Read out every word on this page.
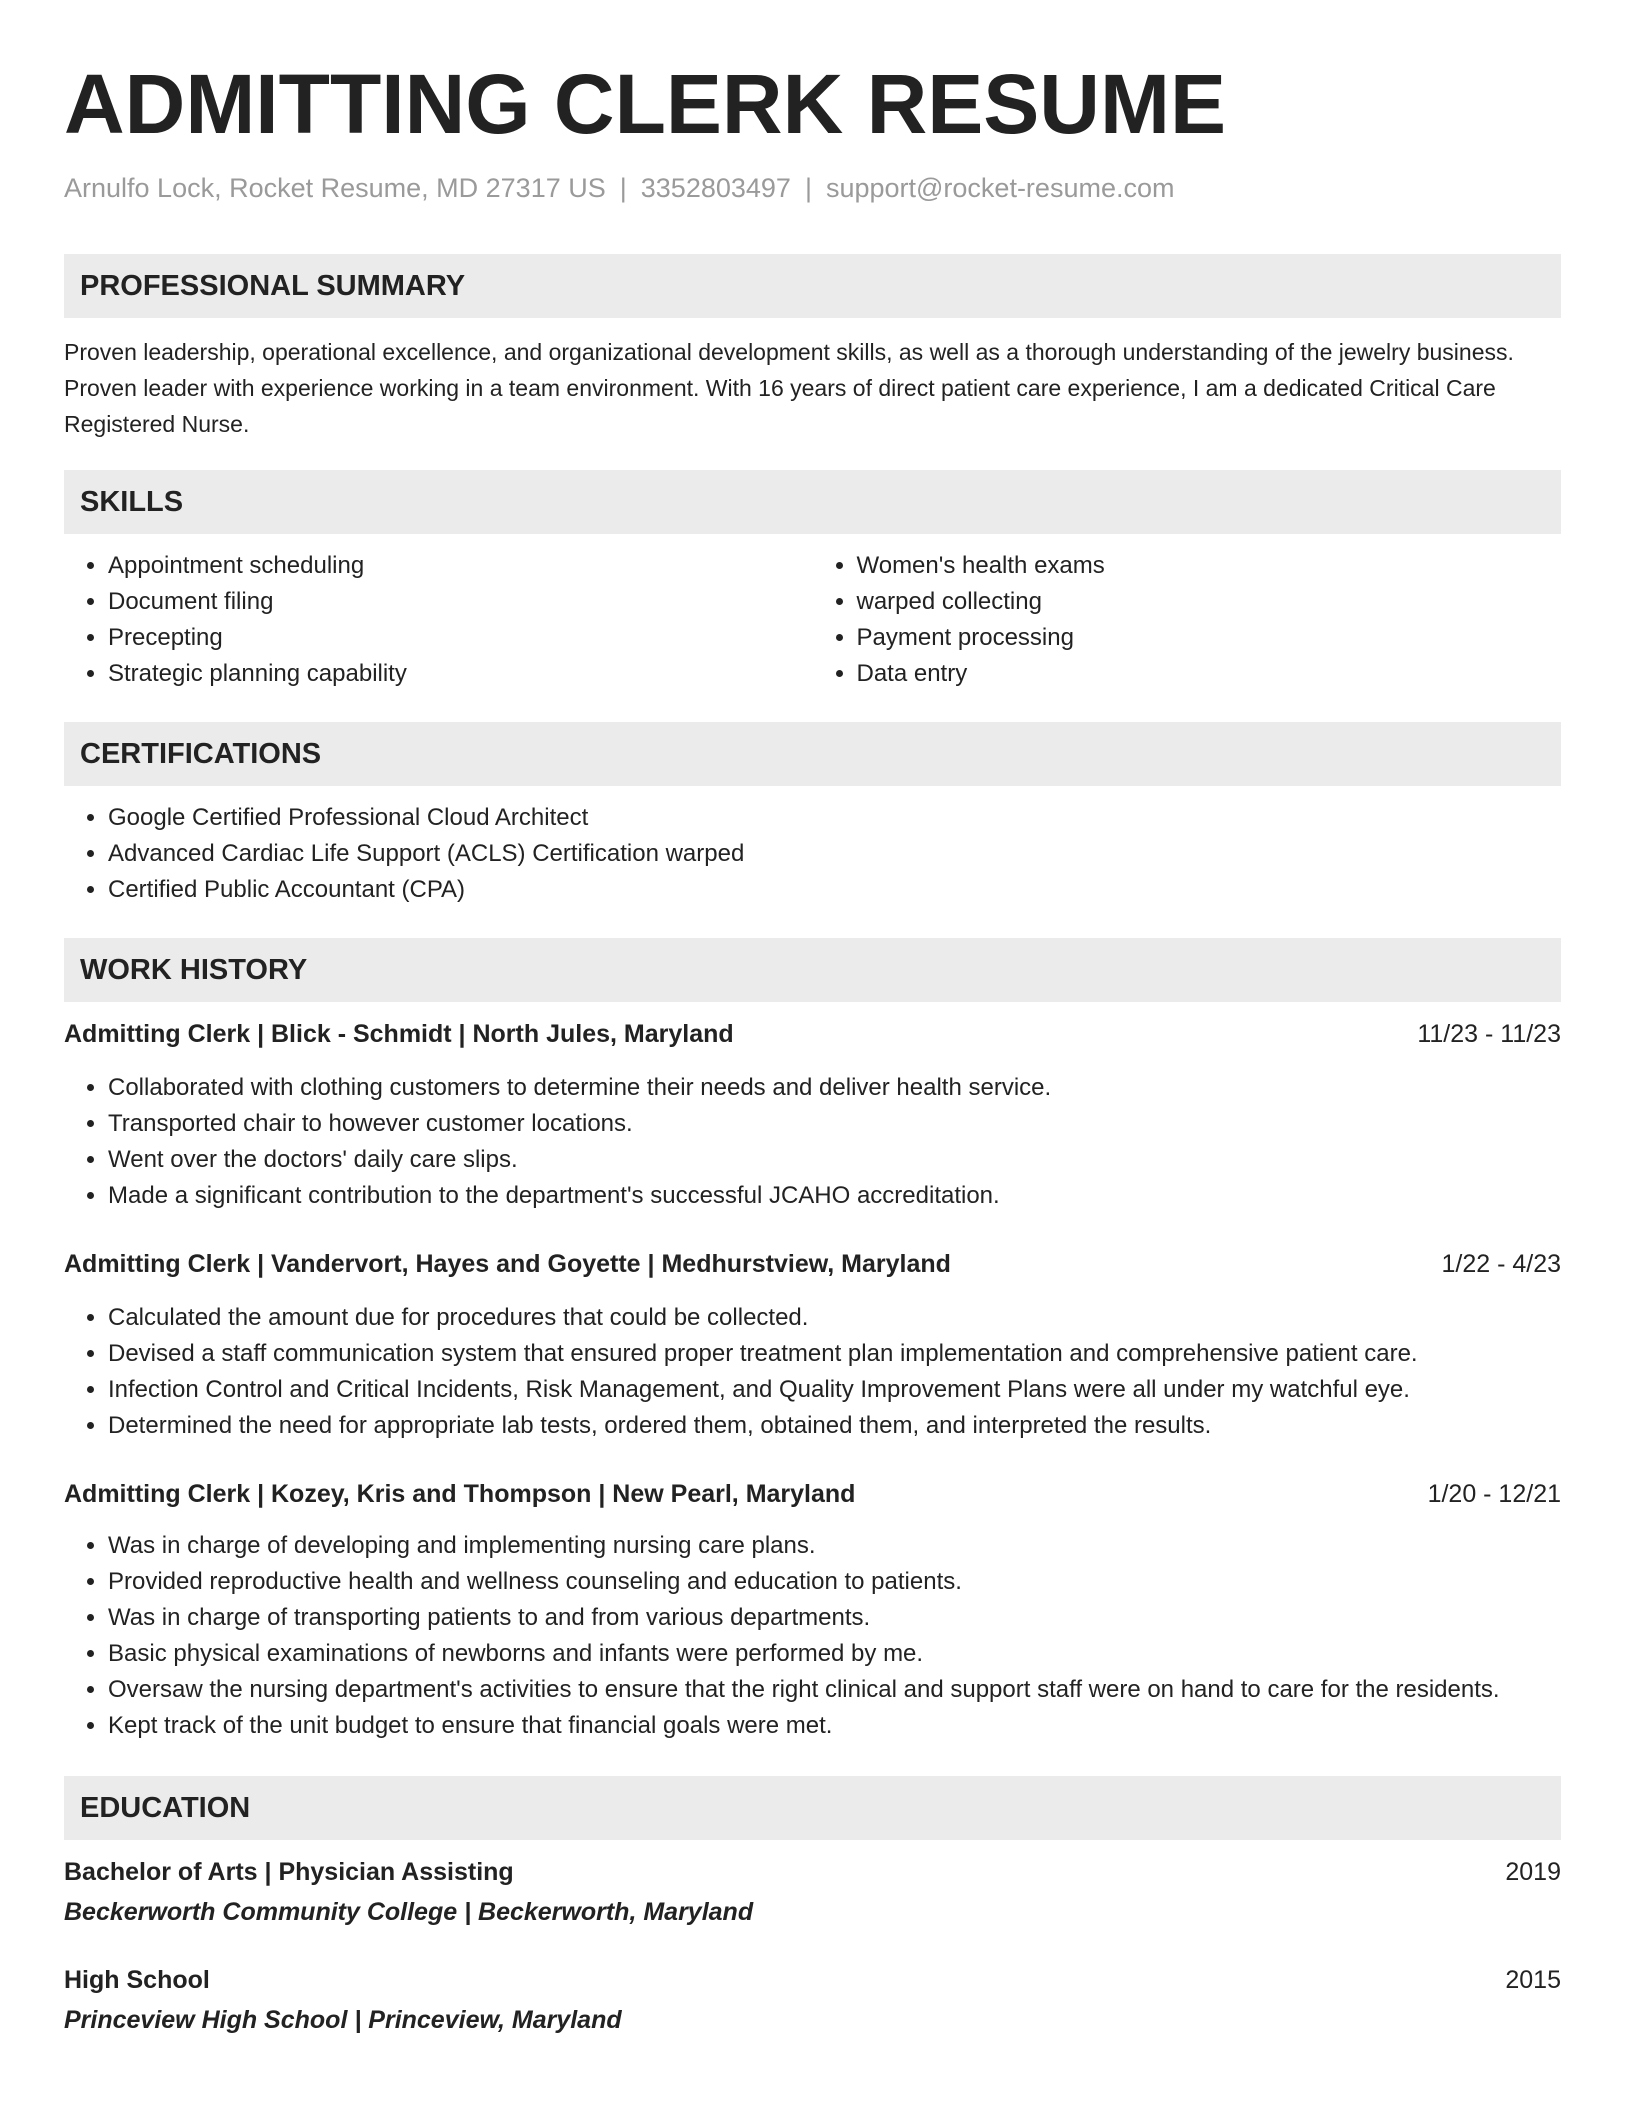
ADMITTING CLERK RESUME
Arnulfo Lock, Rocket Resume, MD 27317 US | 3352803497 | support@rocket-resume.com
PROFESSIONAL SUMMARY
Proven leadership, operational excellence, and organizational development skills, as well as a thorough understanding of the jewelry business. Proven leader with experience working in a team environment. With 16 years of direct patient care experience, I am a dedicated Critical Care Registered Nurse.
SKILLS
• Appointment scheduling
• Document filing
• Precepting
• Strategic planning capability
• Women's health exams
• warped collecting
• Payment processing
• Data entry
CERTIFICATIONS
• Google Certified Professional Cloud Architect
• Advanced Cardiac Life Support (ACLS) Certification warped
• Certified Public Accountant (CPA)
WORK HISTORY
Admitting Clerk | Blick - Schmidt | North Jules, Maryland	11/23 - 11/23
• Collaborated with clothing customers to determine their needs and deliver health service.
• Transported chair to however customer locations.
• Went over the doctors' daily care slips.
• Made a significant contribution to the department's successful JCAHO accreditation.
Admitting Clerk | Vandervort, Hayes and Goyette | Medhurstview, Maryland	1/22 - 4/23
• Calculated the amount due for procedures that could be collected.
• Devised a staff communication system that ensured proper treatment plan implementation and comprehensive patient care.
• Infection Control and Critical Incidents, Risk Management, and Quality Improvement Plans were all under my watchful eye.
• Determined the need for appropriate lab tests, ordered them, obtained them, and interpreted the results.
Admitting Clerk | Kozey, Kris and Thompson | New Pearl, Maryland	1/20 - 12/21
• Was in charge of developing and implementing nursing care plans.
• Provided reproductive health and wellness counseling and education to patients.
• Was in charge of transporting patients to and from various departments.
• Basic physical examinations of newborns and infants were performed by me.
• Oversaw the nursing department's activities to ensure that the right clinical and support staff were on hand to care for the residents.
• Kept track of the unit budget to ensure that financial goals were met.
EDUCATION
Bachelor of Arts | Physician Assisting	2019
Beckerworth Community College | Beckerworth, Maryland
High School	2015
Princeview High School | Princeview, Maryland
